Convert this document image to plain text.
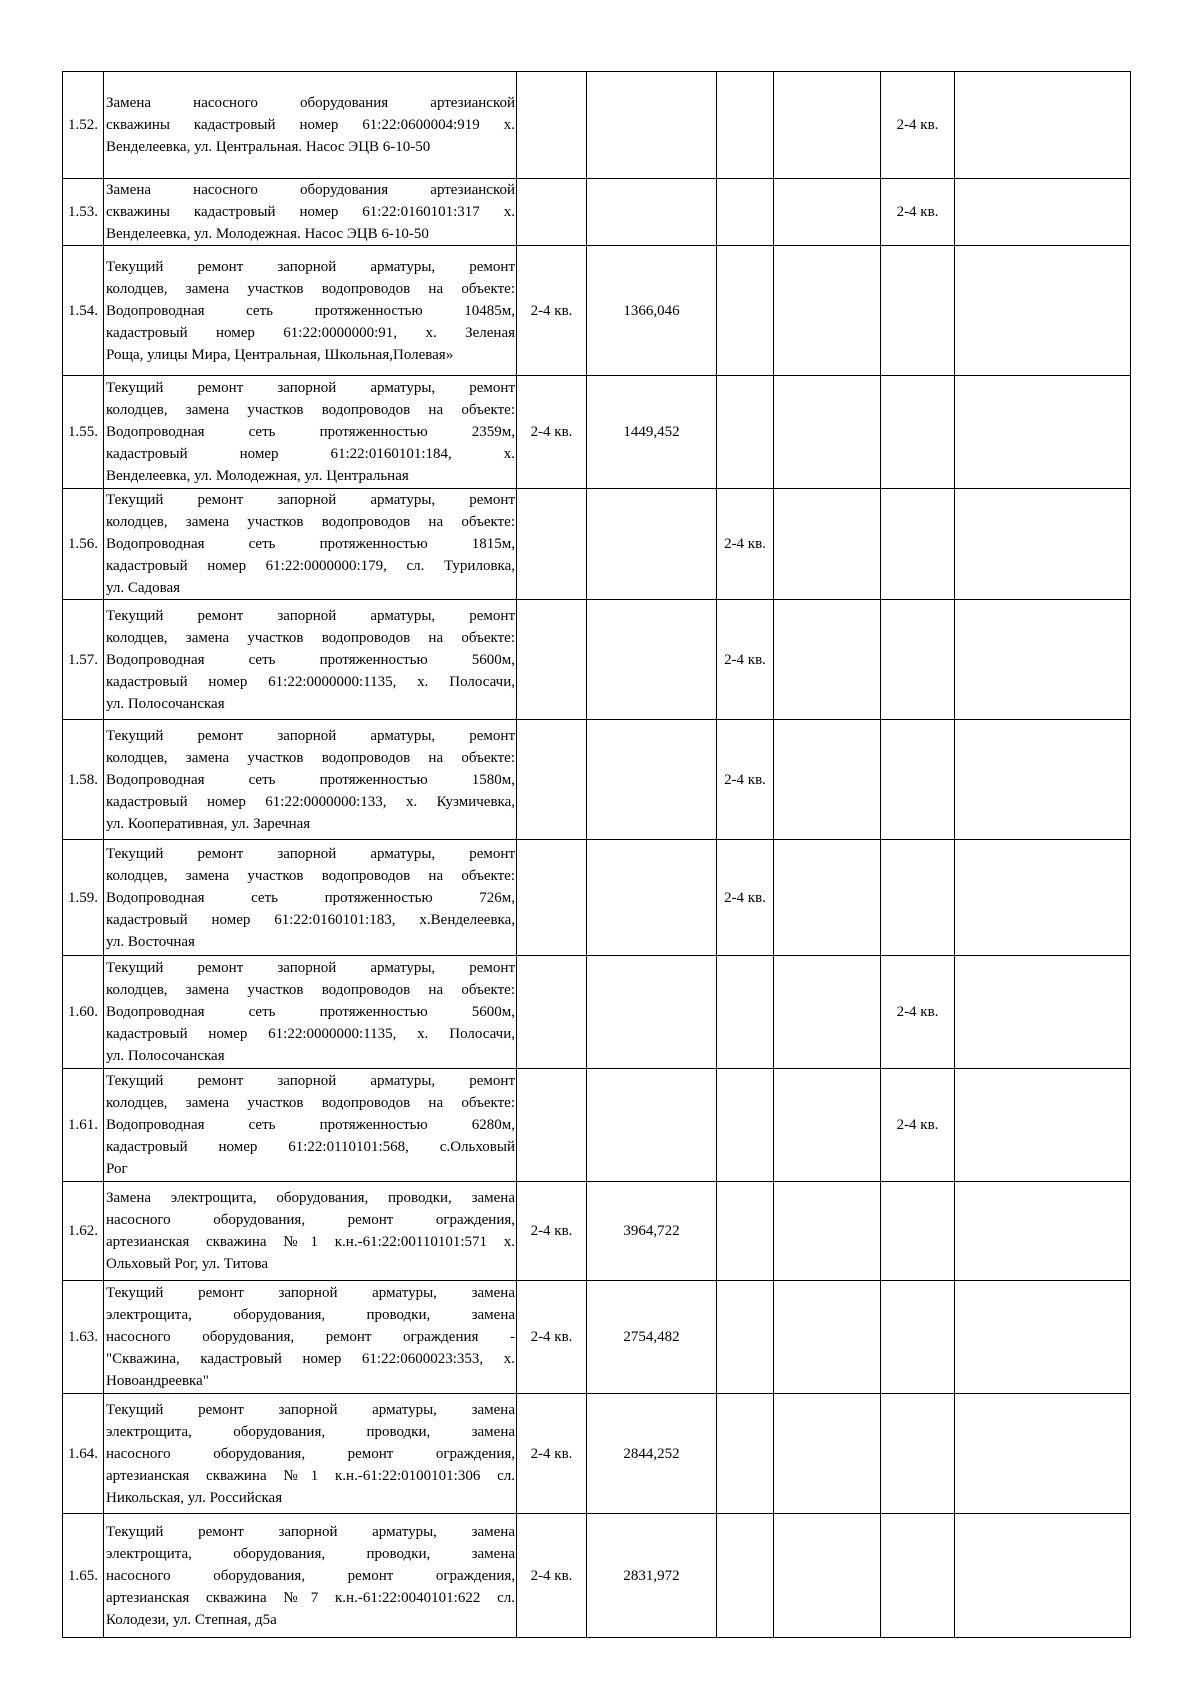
1.52.	Замена насосного оборудования артезианской
скважины кадастровый номер 61:22:0600004:919 х.
Венделеевка, ул. Центральная. Насос ЭЦВ 6-10-50					2-4 кв.	
1.53.	Замена насосного оборудования артезианской
скважины кадастровый номер 61:22:0160101:317 х.
Венделеевка, ул. Молодежная. Насос ЭЦВ 6-10-50					2-4 кв.	
1.54.	Текущий ремонт запорной арматуры, ремонт
колодцев, замена участков водопроводов на объекте:
Водопроводная сеть протяженностью 10485м,
кадастровый номер 61:22:0000000:91, х. Зеленая
Роща, улицы Мира, Центральная, Школьная,Полевая»	2-4 кв.	1366,046				
1.55.	Текущий ремонт запорной арматуры, ремонт
колодцев, замена участков водопроводов на объекте:
Водопроводная сеть протяженностью 2359м,
кадастровый номер 61:22:0160101:184, х.
Венделеевка, ул. Молодежная, ул. Центральная	2-4 кв.	1449,452				
1.56.	Текущий ремонт запорной арматуры, ремонт
колодцев, замена участков водопроводов на объекте:
Водопроводная сеть протяженностью 1815м,
кадастровый номер 61:22:0000000:179, сл. Туриловка,
ул. Садовая			2-4 кв.			
1.57.	Текущий ремонт запорной арматуры, ремонт
колодцев, замена участков водопроводов на объекте:
Водопроводная сеть протяженностью 5600м,
кадастровый номер 61:22:0000000:1135, х. Полосачи,
ул. Полосочанская			2-4 кв.			
1.58.	Текущий ремонт запорной арматуры, ремонт
колодцев, замена участков водопроводов на объекте:
Водопроводная сеть протяженностью 1580м,
кадастровый номер 61:22:0000000:133, х. Кузмичевка,
ул. Кооперативная, ул. Заречная			2-4 кв.			
1.59.	Текущий ремонт запорной арматуры, ремонт
колодцев, замена участков водопроводов на объекте:
Водопроводная сеть протяженностью 726м,
кадастровый номер 61:22:0160101:183, х.Венделеевка,
ул. Восточная			2-4 кв.			
1.60.	Текущий ремонт запорной арматуры, ремонт
колодцев, замена участков водопроводов на объекте:
Водопроводная сеть протяженностью 5600м,
кадастровый номер 61:22:0000000:1135, х. Полосачи,
ул. Полосочанская					2-4 кв.	
1.61.	Текущий ремонт запорной арматуры, ремонт
колодцев, замена участков водопроводов на объекте:
Водопроводная сеть протяженностью 6280м,
кадастровый номер 61:22:0110101:568, с.Ольховый
Рог					2-4 кв.	
1.62.	Замена электрощита, оборудования, проводки, замена
насосного оборудования, ремонт ограждения,
артезианская скважина №1 к.н.-61:22:00110101:571 х.
Ольховый Рог, ул. Титова	2-4 кв.	3964,722				
1.63.	Текущий ремонт запорной арматуры, замена
электрощита, оборудования, проводки, замена
насосного оборудования, ремонт ограждения -
"Скважина, кадастровый номер 61:22:0600023:353, х.
Новоандреевка"	2-4 кв.	2754,482				
1.64.	Текущий ремонт запорной арматуры, замена
электрощита, оборудования, проводки, замена
насосного оборудования, ремонт ограждения,
артезианская скважина №1 к.н.-61:22:0100101:306 сл.
Никольская, ул. Российская	2-4 кв.	2844,252				
1.65.	Текущий ремонт запорной арматуры, замена
электрощита, оборудования, проводки, замена
насосного оборудования, ремонт ограждения,
артезианская скважина №7 к.н.-61:22:0040101:622 сл.
Колодези, ул. Степная, д5а	2-4 кв.	2831,972				
